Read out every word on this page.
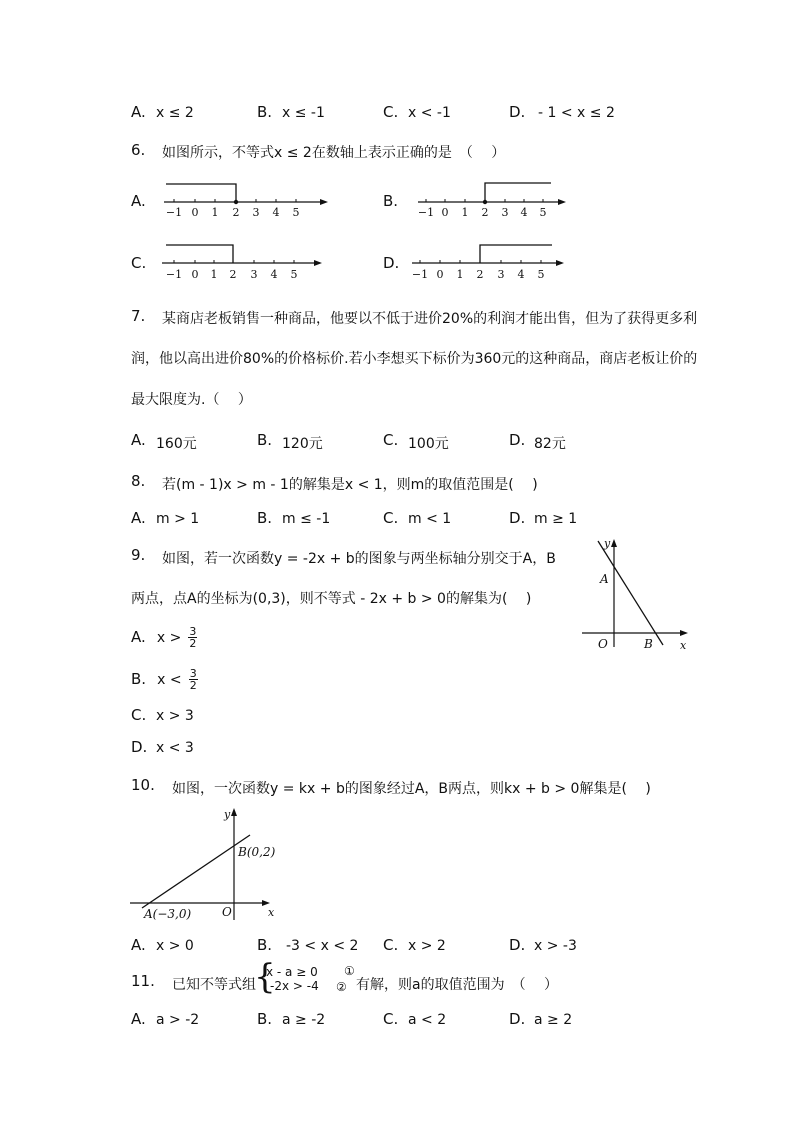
A. x ≤ 2	B. x ≤ -1	C. x < -1	D. - 1 < x ≤ 2
6. 如图所示，不等式x ≤ 2在数轴上表示正确的是　（　 ）
A.	B.
C.	D.
−1 0 1 2 3 4 5	−1 0 1 2 3 4 5
−1 0 1 2 3 4 5	−1 0 1 2 3 4 5
7. 某商店老板销售一种商品，他要以不低于进价20%的利润才能出售，但为了获得更多利
润，他以高出进价80%的价格标价.若小李想买下标价为360元的这种商品，商店老板让价的
最大限度为.（　 ）
A. 160元	B. 120元	C. 100元	D. 82元
8. 若(m - 1)x > m - 1的解集是x < 1，则m的取值范围是(　 )
A. m > 1	B. m ≤ -1	C. m < 1	D. m ≥ 1
9. 如图，若一次函数y = -2x + b的图象与两坐标轴分别交于A，B
两点，点A的坐标为(0,3)，则不等式 - 2x + b > 0的解集为(　 )
A. $x > \frac{3}{2}$
B. $x < \frac{3}{2}$
C. x > 3
D. x < 3
y
A
O	B x
10. 如图，一次函数y = kx + b的图象经过A，B两点，则kx + b > 0解集是(　 )
y
B(0,2)
A(−3,0)	O	x
A. x > 0	B. -3 < x < 2 C. x > 2	D. x > -3
11. 已知不等式组
{
x - a ≥ 0
-2x > -4
①
② 有解，则a的取值范围为　（　 ）
A. a > -2	B. a ≥ -2	C. a < 2	D. a ≥ 2
